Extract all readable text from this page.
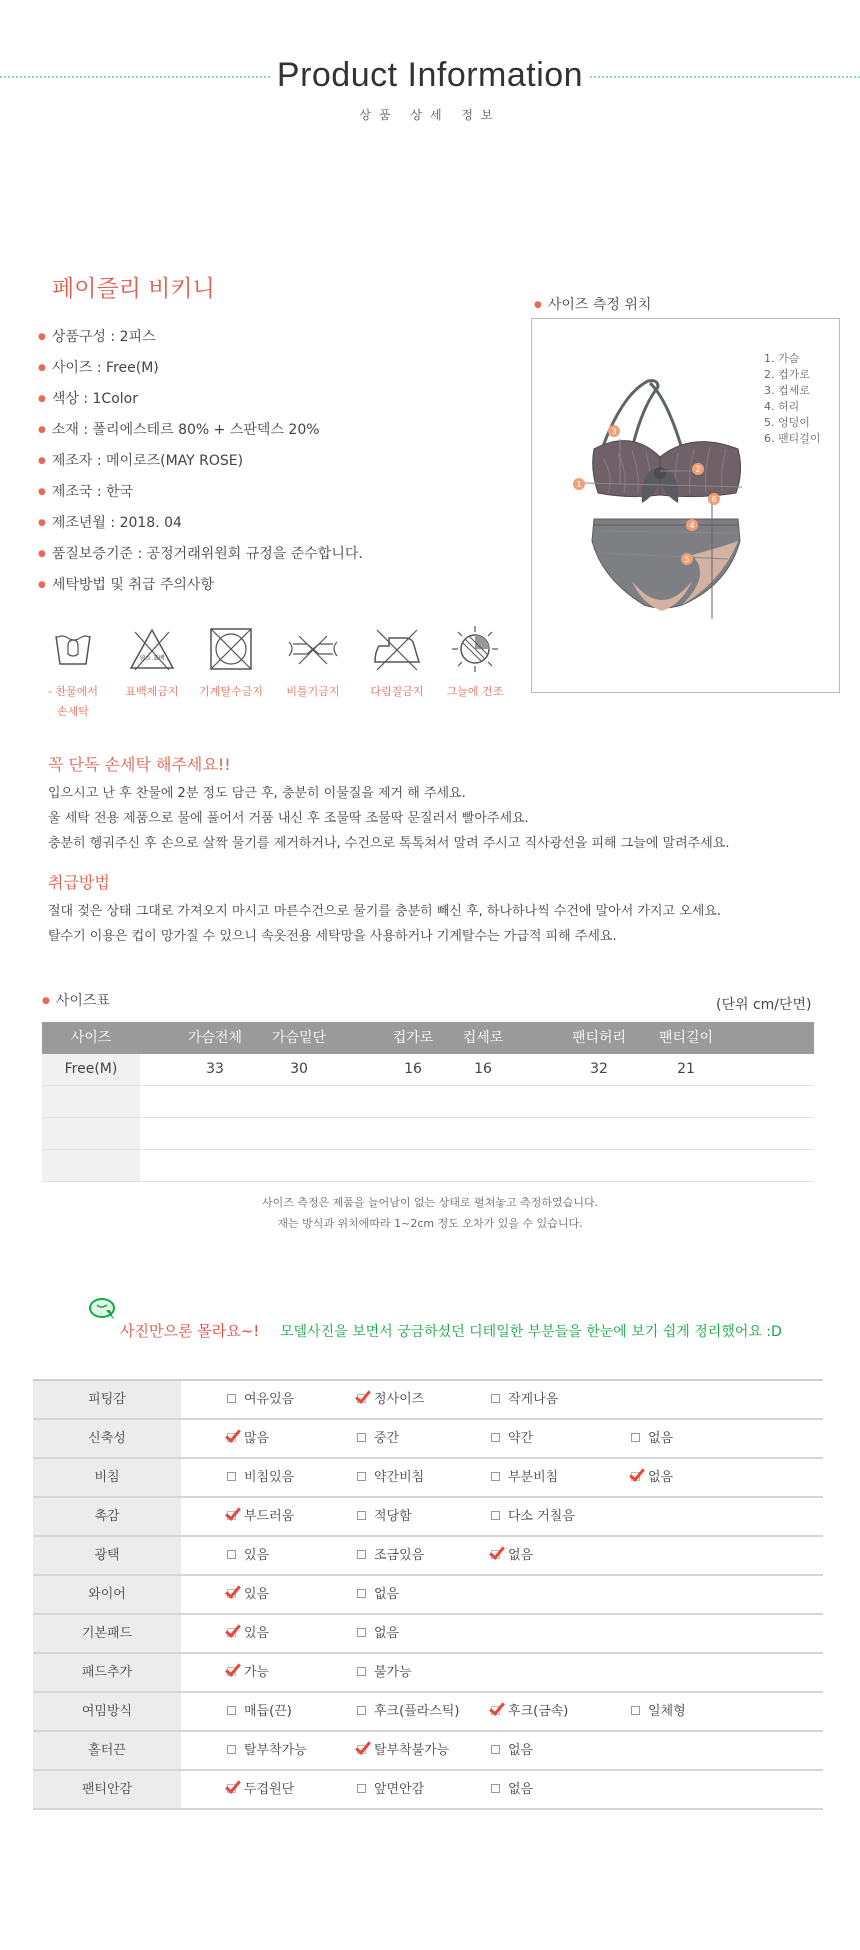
Product Information
상품 상세 정보
페이즐리 비키니
● 상품구성 : 2피스
● 사이즈 : Free(M)
● 색상 : 1Color
● 소재 : 폴리에스테르 80% + 스판덱스 20%
● 제조자 : 메이로즈(MAY ROSE)
● 제조국 : 한국
● 제조년월 : 2018. 04
● 품질보증기준 : 공정거래위원회 규정을 준수합니다.
● 세탁방법 및 취급 주의사항
- 찬물에서
손세탁
염소 표백
표백제금지	기계탈수금지	비틀기금지	다림질금지	그늘에 건조
꼭 단독 손세탁 해주세요!!
입으시고 난 후 찬물에 2분 정도 담근 후, 충분히 이물질을 제거 해 주세요.
울 세탁 전용 제품으로 물에 풀어서 거품 내신 후 조물딱 조물딱 문질러서 빨아주세요.
충분히 헹궈주신 후 손으로 살짝 물기를 제거하거나, 수건으로 톡톡쳐서 말려 주시고 직사광선을 피해 그늘에 말려주세요.
취급방법
절대 젖은 상태 그대로 가져오지 마시고 마른수건으로 물기를 충분히 빼신 후, 하나하나씩 수건에 말아서 가지고 오세요.
탈수기 이용은 컵이 망가질 수 있으니 속옷전용 세탁망을 사용하거나 기계탈수는 가급적 피해 주세요.
● 사이즈 측정 위치
1
2
3
4
5
6
1. 가슴
2. 컵가로
3. 컵세로
4. 허리
5. 엉덩이
6. 팬티길이
● 사이즈표	(단위 cm/단면)
사이즈	가슴전체	가슴밑단	컵가로	컵세로	팬티허리	팬티길이
Free(M)	33	30	16	16	32	21
사이즈 측정은 제품을 늘어남이 없는 상태로 펼쳐놓고 측정하였습니다.
재는 방식과 위치에따라 1~2cm 정도 오차가 있을 수 있습니다.
사진만으론 몰라요~! 모델사진을 보면서 궁금하셨던 디테일한 부분들을 한눈에 보기 쉽게 정리했어요 :D
피팅감	여유있음	정사이즈	작게나옴
신축성	많음	중간	약간	없음
비침	비침있음	약간비침	부분비침	없음
촉감	부드러움	적당함	다소 거칠음
광택	있음	조금있음	없음
와이어	있음	없음
기본패드	있음	없음
패드추가	가능	불가능
여밈방식	매듭(끈)	후크(플라스틱)	후크(금속)	일체형
홀터끈	탈부착가능	탈부착불가능	없음
팬티안감	두겹원단	앞면안감	없음
